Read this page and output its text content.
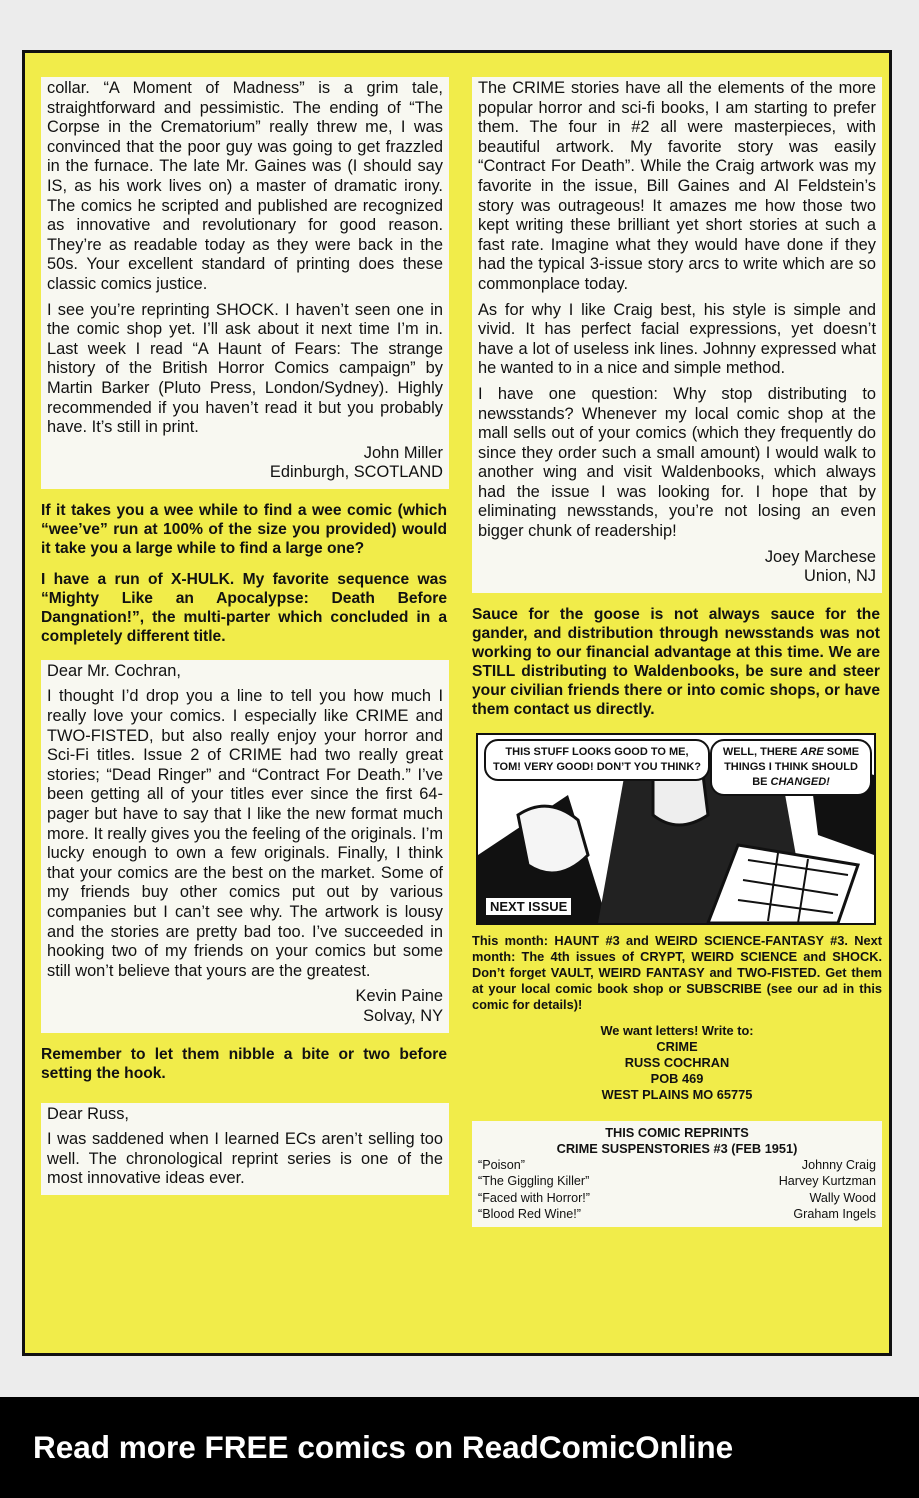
collar. “A Moment of Madness” is a grim tale, straightforward and pessimistic. The ending of “The Corpse in the Crematorium” really threw me, I was convinced that the poor guy was going to get frazzled in the furnace. The late Mr. Gaines was (I should say IS, as his work lives on) a master of dramatic irony. The comics he scripted and published are recognized as innovative and revolutionary for good reason. They’re as readable today as they were back in the 50s. Your excellent standard of printing does these classic comics justice.

I see you’re reprinting SHOCK. I haven’t seen one in the comic shop yet. I’ll ask about it next time I’m in. Last week I read “A Haunt of Fears: The strange history of the British Horror Comics campaign” by Martin Barker (Pluto Press, London/Sydney). Highly recommended if you haven’t read it but you probably have. It’s still in print.

John Miller
Edinburgh, SCOTLAND

If it takes you a wee while to find a wee comic (which “wee’ve” run at 100% of the size you provided) would it take you a large while to find a large one?

I have a run of X-HULK. My favorite sequence was “Mighty Like an Apocalypse: Death Before Dangnation!”, the multi-parter which concluded in a completely different title.

Dear Mr. Cochran,

I thought I’d drop you a line to tell you how much I really love your comics. I especially like CRIME and TWO-FISTED, but also really enjoy your horror and Sci-Fi titles. Issue 2 of CRIME had two really great stories; “Dead Ringer” and “Contract For Death.” I’ve been getting all of your titles ever since the first 64-pager but have to say that I like the new format much more. It really gives you the feeling of the originals. I’m lucky enough to own a few originals. Finally, I think that your comics are the best on the market. Some of my friends buy other comics put out by various companies but I can’t see why. The artwork is lousy and the stories are pretty bad too. I’ve succeeded in hooking two of my friends on your comics but some still won’t believe that yours are the greatest.

Kevin Paine
Solvay, NY

Remember to let them nibble a bite or two before setting the hook.

Dear Russ,

I was saddened when I learned ECs aren’t selling too well. The chronological reprint series is one of the most innovative ideas ever.

The CRIME stories have all the elements of the more popular horror and sci-fi books, I am starting to prefer them. The four in #2 all were masterpieces, with beautiful artwork. My favorite story was easily “Contract For Death”. While the Craig artwork was my favorite in the issue, Bill Gaines and Al Feldstein’s story was outrageous! It amazes me how those two kept writing these brilliant yet short stories at such a fast rate. Imagine what they would have done if they had the typical 3-issue story arcs to write which are so commonplace today.

As for why I like Craig best, his style is simple and vivid. It has perfect facial expressions, yet doesn’t have a lot of useless ink lines. Johnny expressed what he wanted to in a nice and simple method.

I have one question: Why stop distributing to newsstands? Whenever my local comic shop at the mall sells out of your comics (which they frequently do since they order such a small amount) I would walk to another wing and visit Waldenbooks, which always had the issue I was looking for. I hope that by eliminating newsstands, you’re not losing an even bigger chunk of readership!

Joey Marchese
Union, NJ

Sauce for the goose is not always sauce for the gander, and distribution through newsstands was not working to our financial advantage at this time. We are STILL distributing to Waldenbooks, be sure and steer your civilian friends there or into comic shops, or have them contact us directly.

THIS STUFF LOOKS GOOD TO ME, TOM! VERY GOOD! DON’T YOU THINK?
WELL, THERE ARE SOME THINGS I THINK SHOULD BE CHANGED!
NEXT ISSUE
This month: HAUNT #3 and WEIRD SCIENCE-FANTASY #3. Next month: The 4th issues of CRYPT, WEIRD SCIENCE and SHOCK. Don’t forget VAULT, WEIRD FANTASY and TWO-FISTED. Get them at your local comic book shop or SUBSCRIBE (see our ad in this comic for details)!
We want letters! Write to:
CRIME
RUSS COCHRAN
POB 469
WEST PLAINS MO 65775
THIS COMIC REPRINTS
CRIME SUSPENSTORIES #3 (FEB 1951)
“Poison”	Johnny Craig
“The Giggling Killer”	Harvey Kurtzman
“Faced with Horror!”	Wally Wood
“Blood Red Wine!”	Graham Ingels
Read more FREE comics on ReadComicOnline
